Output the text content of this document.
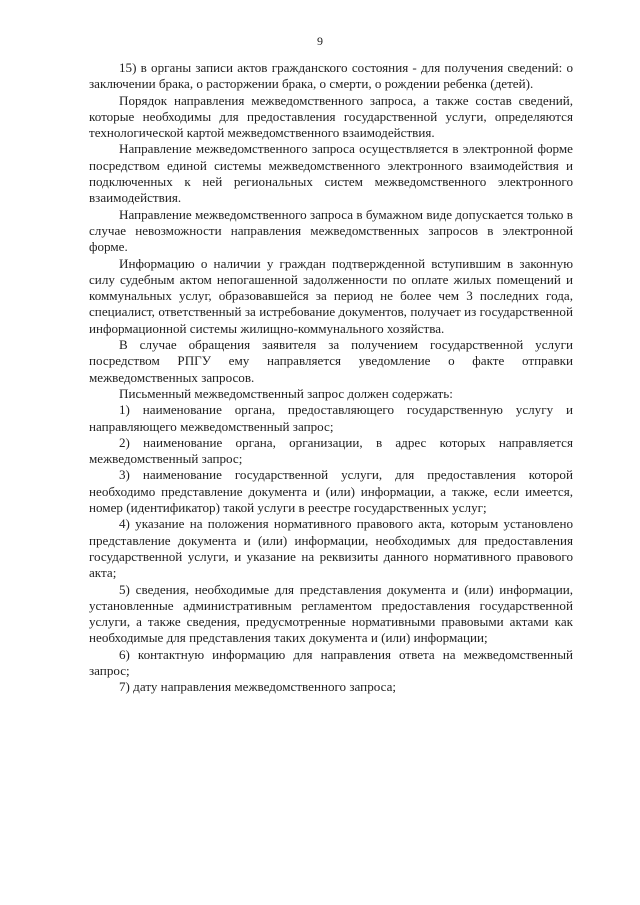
9

15) в органы записи актов гражданского состояния - для получения сведений: о заключении брака, о расторжении брака, о смерти, о рождении ребенка (детей).

Порядок направления межведомственного запроса, а также состав сведений, которые необходимы для предоставления государственной услуги, определяются технологической картой межведомственного взаимодействия.

Направление межведомственного запроса осуществляется в электронной форме посредством единой системы межведомственного электронного взаимодействия и подключенных к ней региональных систем межведомственного электронного взаимодействия.

Направление межведомственного запроса в бумажном виде допускается только в случае невозможности направления межведомственных запросов в электронной форме.

Информацию о наличии у граждан подтвержденной вступившим в законную силу судебным актом непогашенной задолженности по оплате жилых помещений и коммунальных услуг, образовавшейся за период не более чем 3 последних года, специалист, ответственный за истребование документов, получает из государственной информационной системы жилищно-коммунального хозяйства.

В случае обращения заявителя за получением государственной услуги посредством РПГУ ему направляется уведомление о факте отправки межведомственных запросов.

Письменный межведомственный запрос должен содержать:

1) наименование органа, предоставляющего государственную услугу и направляющего межведомственный запрос;

2) наименование органа, организации, в адрес которых направляется межведомственный запрос;

3) наименование государственной услуги, для предоставления которой необходимо представление документа и (или) информации, а также, если имеется, номер (идентификатор) такой услуги в реестре государственных услуг;

4) указание на положения нормативного правового акта, которым установлено представление документа и (или) информации, необходимых для предоставления государственной услуги, и указание на реквизиты данного нормативного правового акта;

5) сведения, необходимые для представления документа и (или) информации, установленные административным регламентом предоставления государственной услуги, а также сведения, предусмотренные нормативными правовыми актами как необходимые для представления таких документа и (или) информации;

6) контактную информацию для направления ответа на межведомственный запрос;

7) дату направления межведомственного запроса;
